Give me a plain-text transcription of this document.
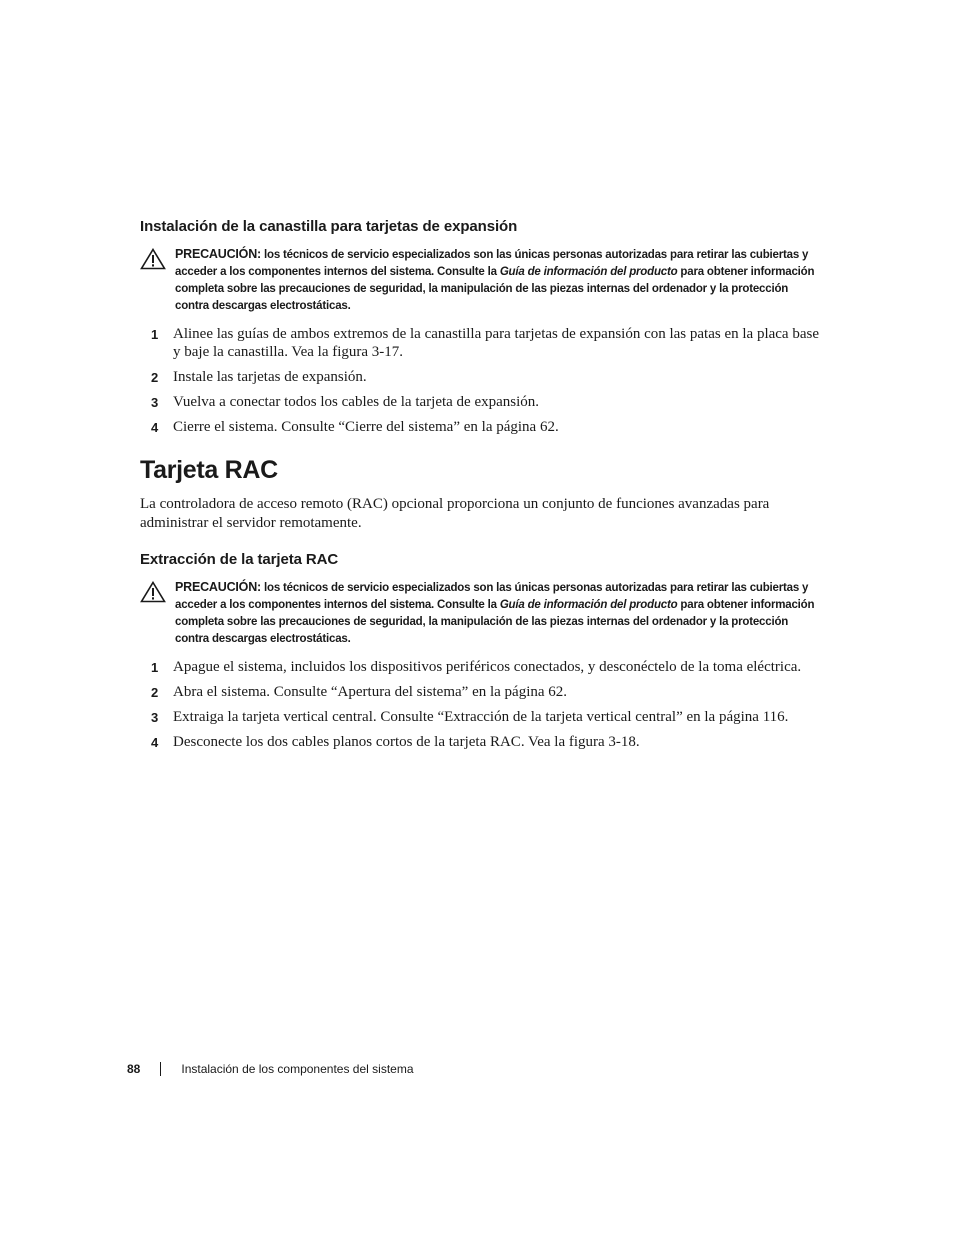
Instalación de la canastilla para tarjetas de expansión
PRECAUCIÓN: los técnicos de servicio especializados son las únicas personas autorizadas para retirar las cubiertas y acceder a los componentes internos del sistema. Consulte la Guía de información del producto para obtener información completa sobre las precauciones de seguridad, la manipulación de las piezas internas del ordenador y la protección contra descargas electrostáticas.
1 Alinee las guías de ambos extremos de la canastilla para tarjetas de expansión con las patas en la placa base y baje la canastilla. Vea la figura 3-17.
2 Instale las tarjetas de expansión.
3 Vuelva a conectar todos los cables de la tarjeta de expansión.
4 Cierre el sistema. Consulte “Cierre del sistema” en la página 62.
Tarjeta RAC

La controladora de acceso remoto (RAC) opcional proporciona un conjunto de funciones avanzadas para administrar el servidor remotamente.

Extracción de la tarjeta RAC
PRECAUCIÓN: los técnicos de servicio especializados son las únicas personas autorizadas para retirar las cubiertas y acceder a los componentes internos del sistema. Consulte la Guía de información del producto para obtener información completa sobre las precauciones de seguridad, la manipulación de las piezas internas del ordenador y la protección contra descargas electrostáticas.
1 Apague el sistema, incluidos los dispositivos periféricos conectados, y desconéctelo de la toma eléctrica.
2 Abra el sistema. Consulte “Apertura del sistema” en la página 62.
3 Extraiga la tarjeta vertical central. Consulte “Extracción de la tarjeta vertical central” en la página 116.
4 Desconecte los dos cables planos cortos de la tarjeta RAC. Vea la figura 3-18.
88	Instalación de los componentes del sistema
